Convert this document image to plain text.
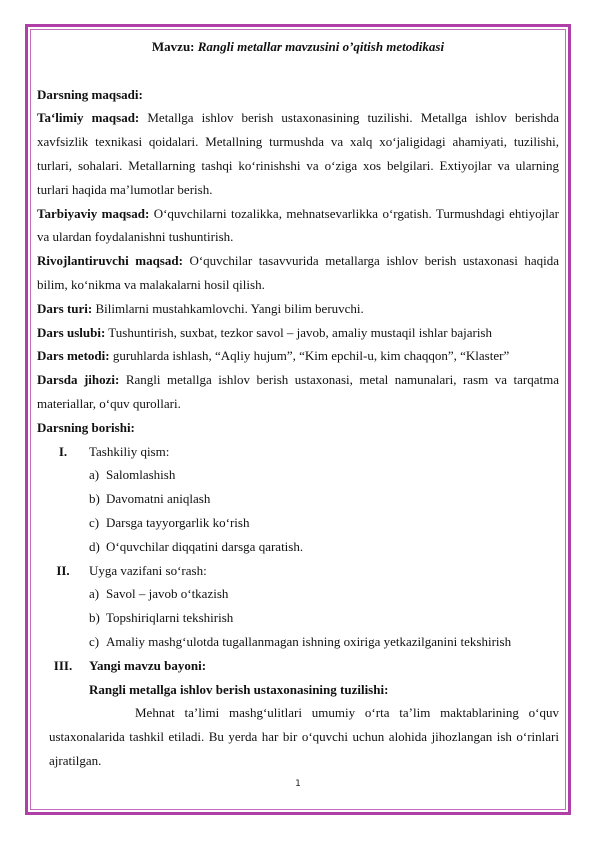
Mavzu: Rangli metallar mavzusini o’qitish metodikasi

Darsning maqsadi:

Ta‘limiy maqsad: Metallga ishlov berish ustaxonasining tuzilishi. Metallga ishlov berishda xavfsizlik texnikasi qoidalari. Metallning turmushda va xalq xo‘jaligidagi ahamiyati, tuzilishi, turlari, sohalari. Metallarning tashqi ko‘rinishshi va o‘ziga xos belgilari. Extiyojlar va ularning turlari haqida ma’lumotlar berish.

Tarbiyaviy maqsad: O‘quvchilarni tozalikka, mehnatsevarlikka o‘rgatish. Turmushdagi ehtiyojlar va ulardan foydalanishni tushuntirish.

Rivojlantiruvchi maqsad: O‘quvchilar tasavvurida metallarga ishlov berish ustaxonasi haqida bilim, ko‘nikma va malakalarni hosil qilish.

Dars turi: Bilimlarni mustahkamlovchi. Yangi bilim beruvchi.

Dars uslubi: Tushuntirish, suxbat, tezkor savol – javob, amaliy mustaqil ishlar bajarish

Dars metodi: guruhlarda ishlash, “Aqliy hujum”, “Kim epchil-u, kim chaqqon”, “Klaster”

Darsda jihozi: Rangli metallga ishlov berish ustaxonasi, metal namunalari, rasm va tarqatma materiallar, o‘quv qurollari.

Darsning borishi:

I.	Tashkiliy qism:

a) Salomlashish

b) Davomatni aniqlash

c) Darsga tayyorgarlik ko‘rish

d) O‘quvchilar diqqatini darsga qaratish.

II.	Uyga vazifani so‘rash:

a) Savol – javob o‘tkazish

b) Topshiriqlarni tekshirish

c) Amaliy mashg‘ulotda tugallanmagan ishning oxiriga yetkazilganini tekshirish

III.	Yangi mavzu bayoni:

Rangli metallga ishlov berish ustaxonasining tuzilishi:

Mehnat ta’limi mashg‘ulitlari umumiy o‘rta ta’lim maktablarining o‘quv ustaxonalarida tashkil etiladi. Bu yerda har bir o‘quvchi uchun alohida jihozlangan ish o‘rinlari ajratilgan.

1
